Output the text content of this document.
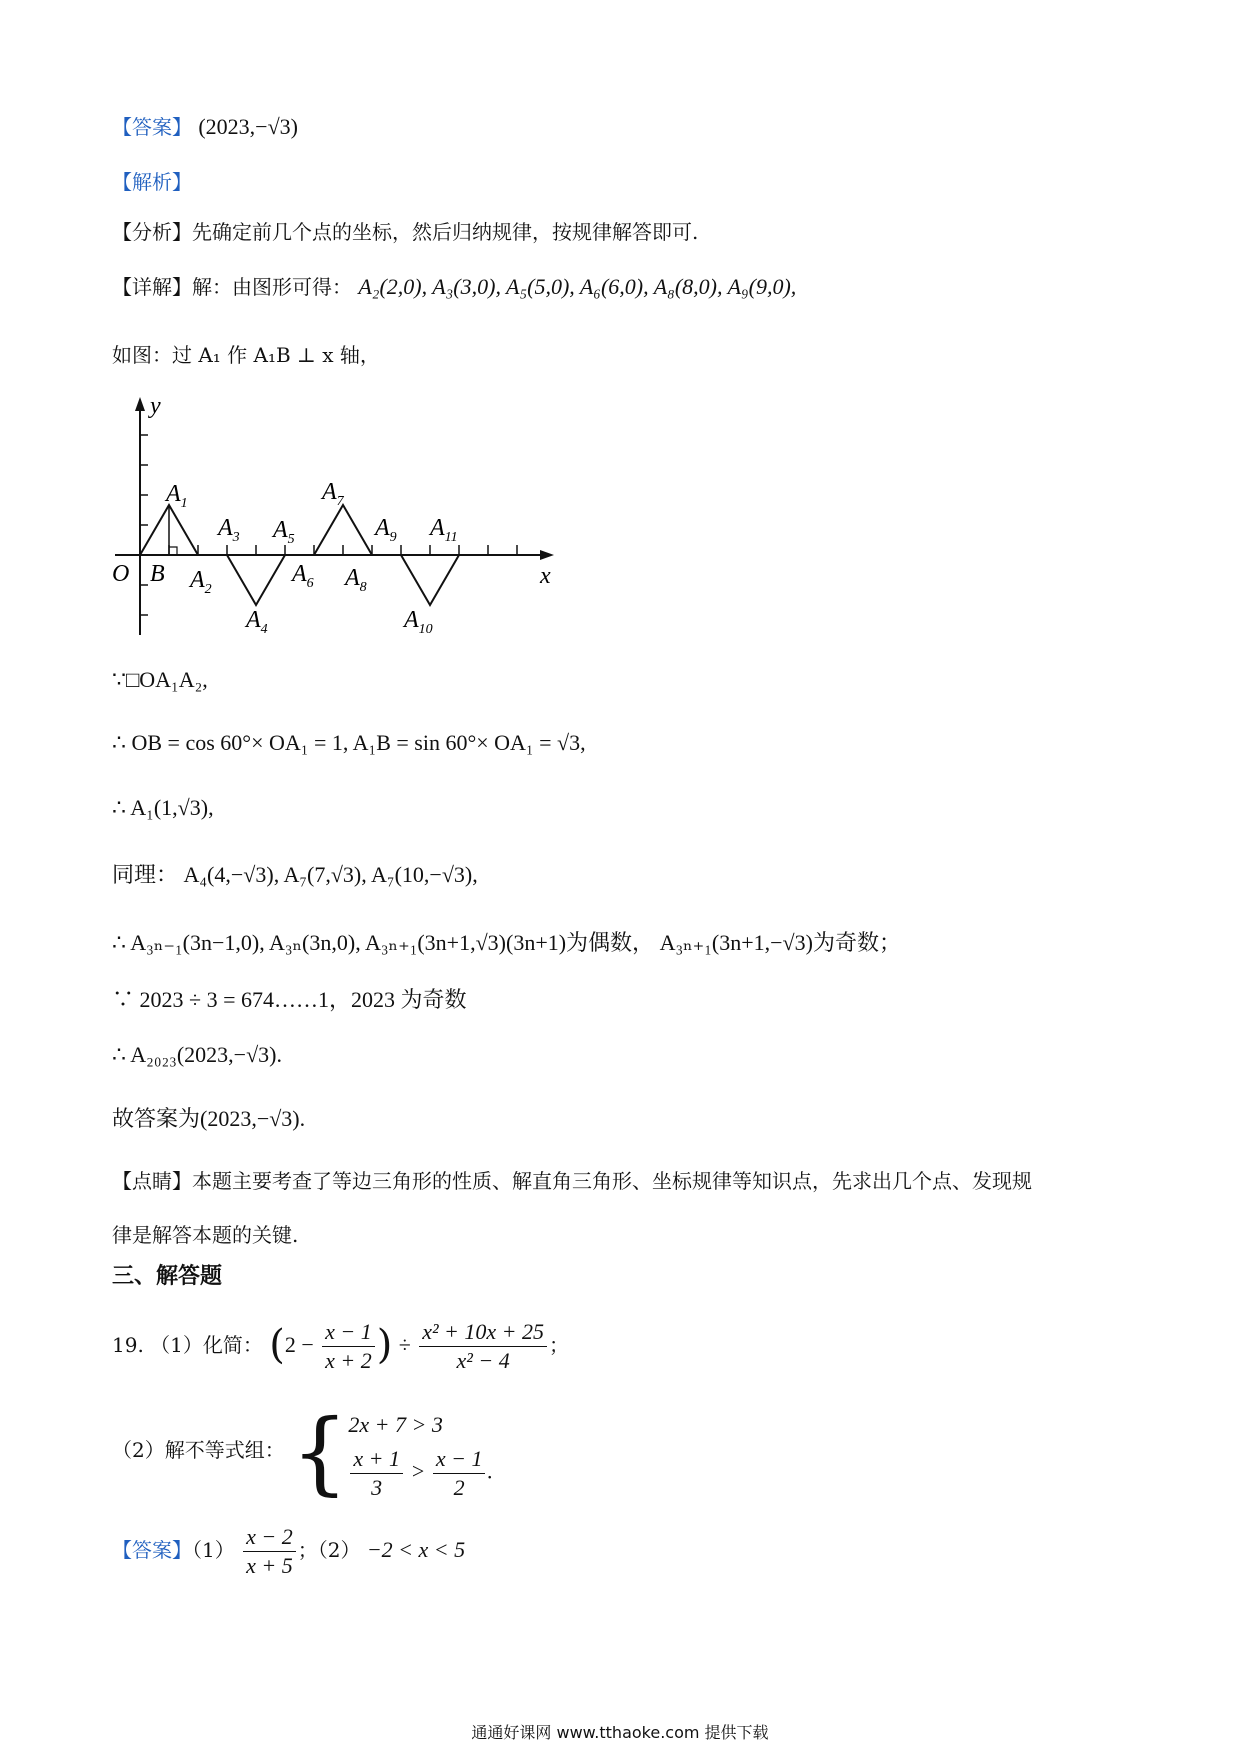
【答案】 (2023,−√3)
【解析】
【分析】先确定前几个点的坐标，然后归纳规律，按规律解答即可.
【详解】解：由图形可得： A₂(2,0), A₃(3,0), A₅(5,0), A₆(6,0), A₈(8,0), A₉(9,0),
如图：过 A₁ 作 A₁B ⊥ x 轴，
y
x
O B
$A_1$
$A_2$
$A_3$
$A_4$
$A_5$
$A_6$
$A_7$
$A_8$
$A_9$
$A_{10}$
$A_{11}$
∵□OA₁A₂,
∴ OB = cos 60°× OA₁ = 1, A₁B = sin 60°× OA₁ = √3,
∴ A₁(1,√3),
同理： A₄(4,−√3), A₇(7,√3), A₇(10,−√3),
∴ A₃ₙ₋₁(3n−1,0), A₃ₙ(3n,0), A₃ₙ₊₁(3n+1,√3)(3n+1)为偶数， A₃ₙ₊₁(3n+1,−√3)为奇数；
∵ 2023 ÷ 3 = 674……1，2023 为奇数
∴ A₂₀₂₃(2023,−√3).
故答案为(2023,−√3).
【点睛】本题主要考查了等边三角形的性质、解直角三角形、坐标规律等知识点，先求出几个点、发现规
律是解答本题的关键.
三、解答题
19. （1）化简： ($2 - \frac{x - 1}{x + 2}$ ) ÷ $\frac{\text{x² + 10x + 25}}{\text{x² − 4}}$ ；
（2）解不等式组： { 2x + 7 > 3
$\frac{x + 1}{3} > \frac{x - 1}{2}$ .
【答案】$(1) \frac{x - 2}{x + 5}$ ；（2） −2 < x < 5
通通好课网 www.tthaoke.com 提供下载
